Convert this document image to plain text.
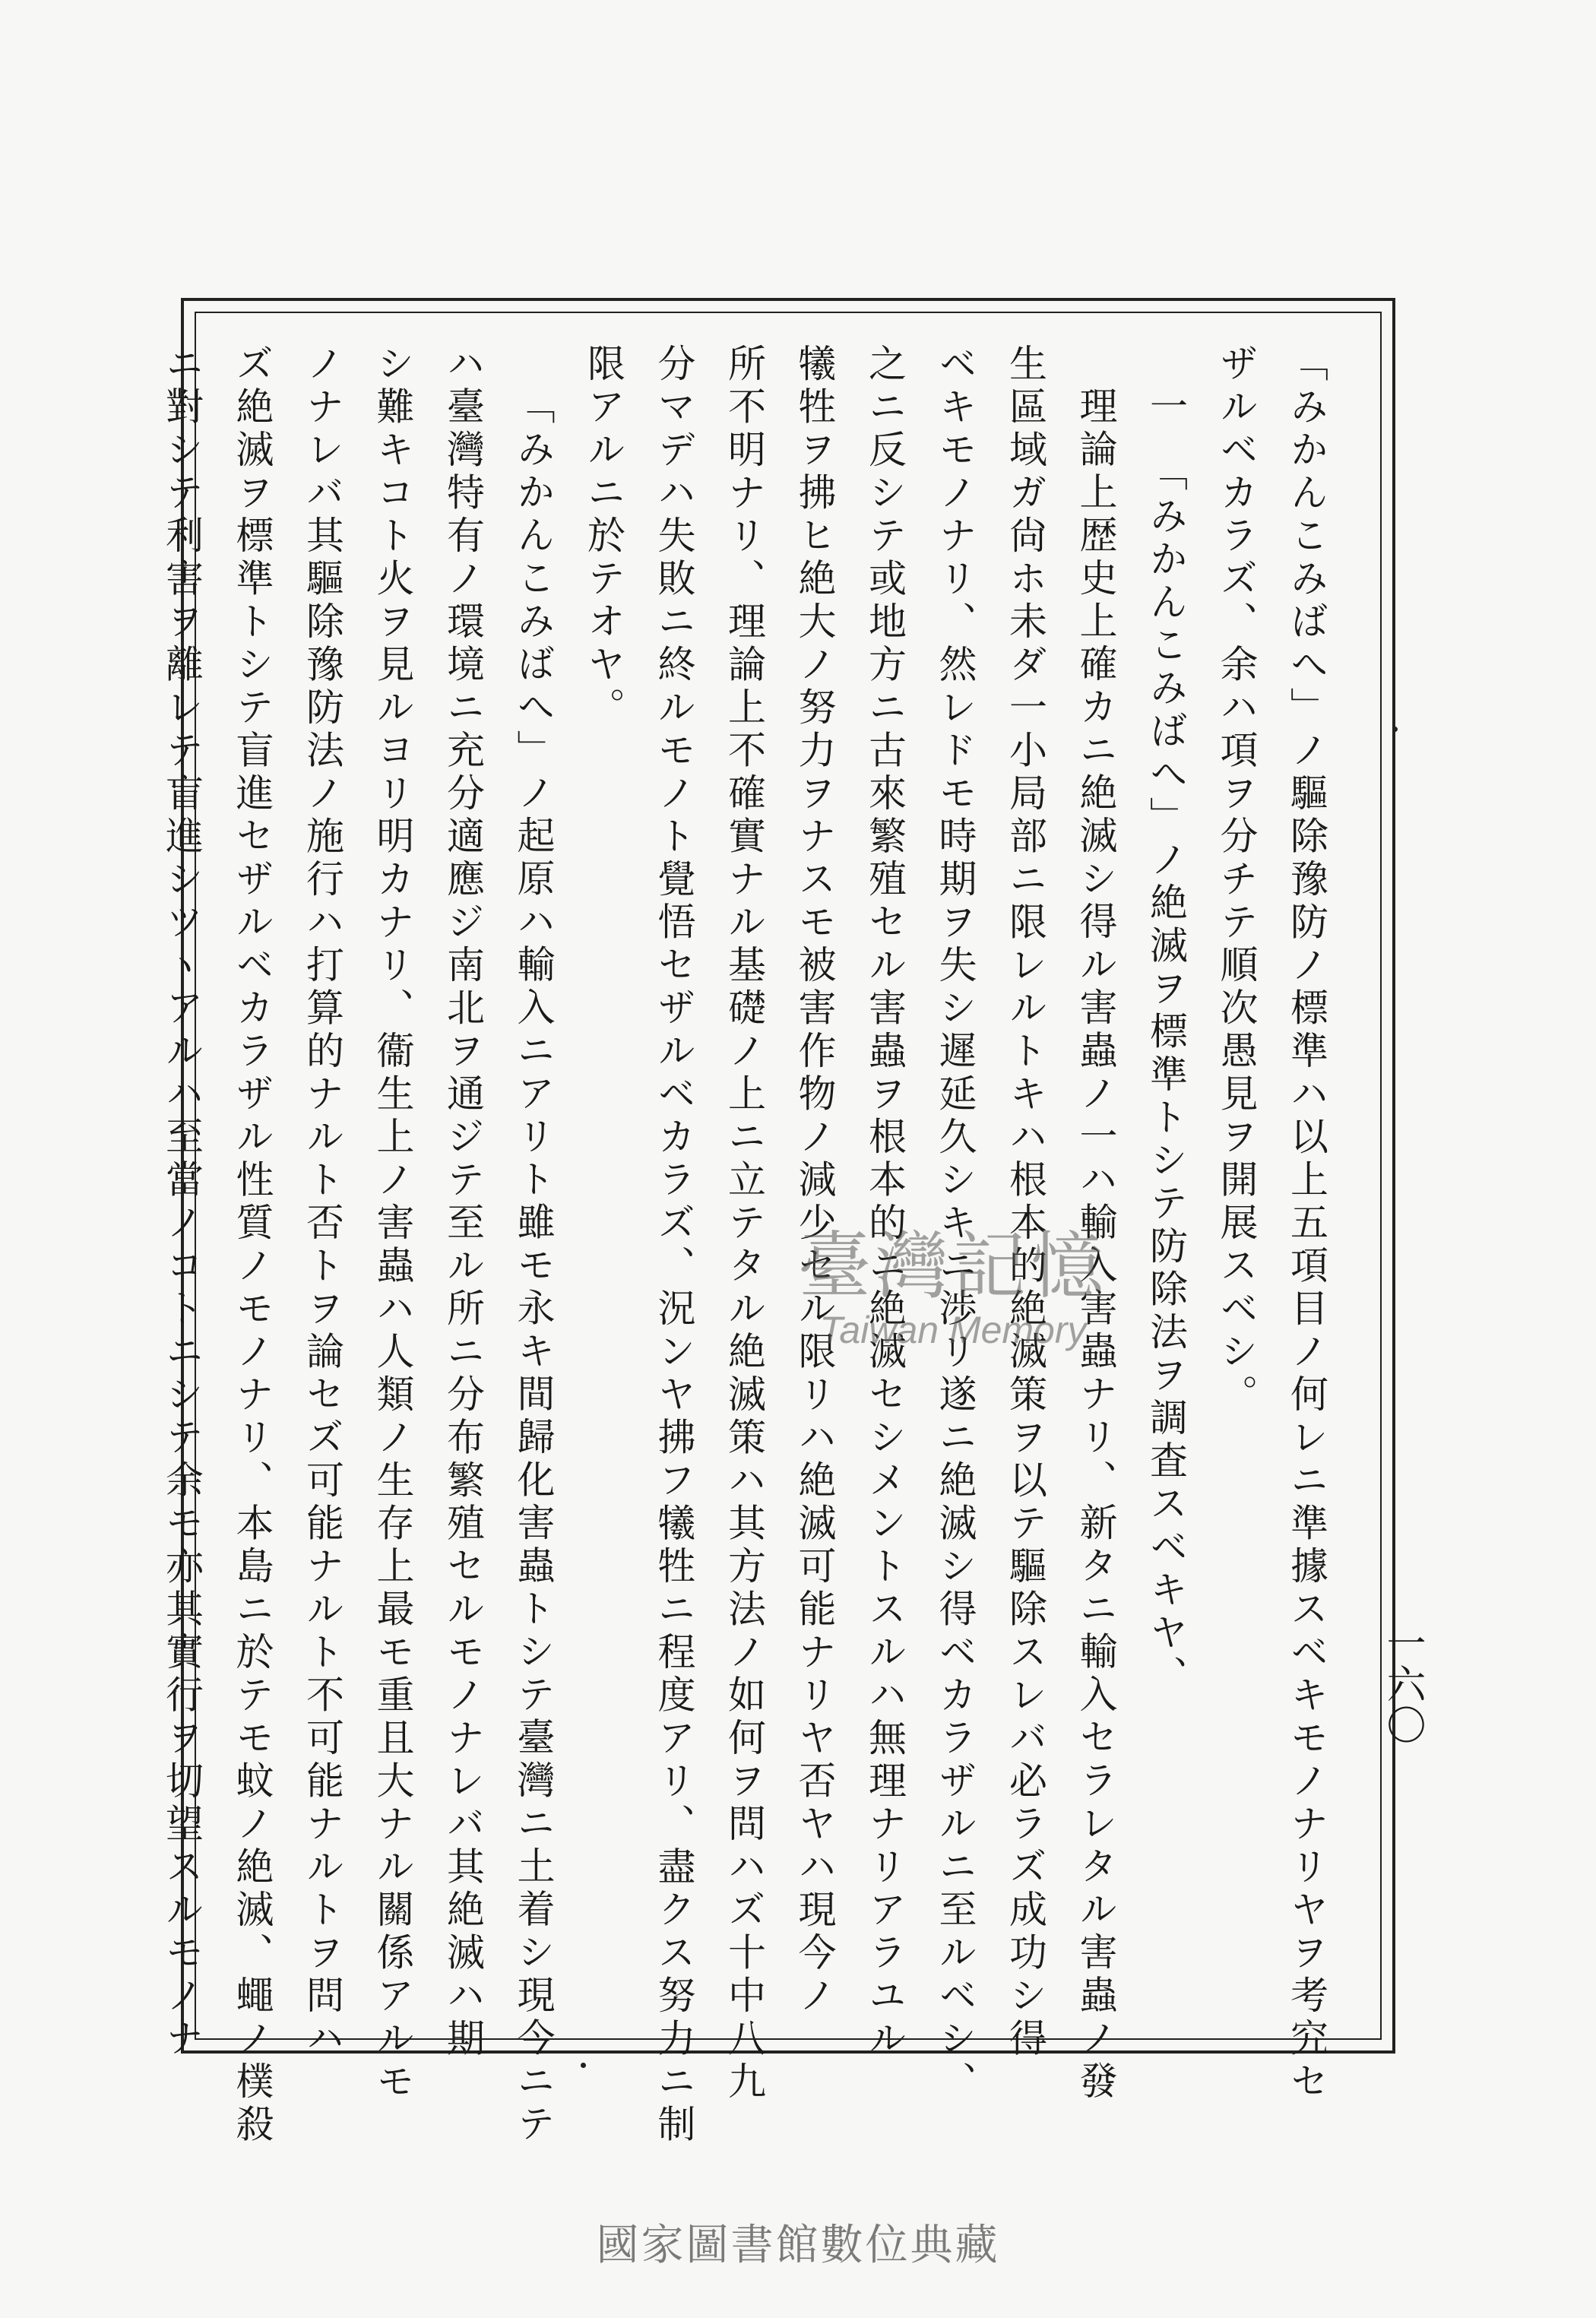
「みかんこみばへ」ノ驅除豫防ノ標準ハ以上五項目ノ何レニ準據スベキモノナリヤヲ考究セ
ザルベカラズ、余ハ項ヲ分チテ順次愚見ヲ開展スベシ。
一　「みかんこみばへ」ノ絶滅ヲ標準トシテ防除法ヲ調査スベキヤ、
理論上歴史上確カニ絶滅シ得ル害蟲ノ一ハ輸入害蟲ナリ、新タニ輸入セラレタル害蟲ノ發
生區域ガ尙ホ未ダ一小局部ニ限レルトキハ根本的絶滅策ヲ以テ驅除スレバ必ラズ成功シ得
ベキモノナリ、然レドモ時期ヲ失シ遲延久シキニ渉リ遂ニ絶滅シ得ベカラザルニ至ルベシ、
之ニ反シテ或地方ニ古來繁殖セル害蟲ヲ根本的ニ絶滅セシメントスルハ無理ナリアラユル
犧牲ヲ拂ヒ絶大ノ努力ヲナスモ被害作物ノ減少セル限リハ絶滅可能ナリヤ否ヤハ現今ノ
所不明ナリ、理論上不確實ナル基礎ノ上ニ立テタル絶滅策ハ其方法ノ如何ヲ問ハズ十中八九
分マデハ失敗ニ終ルモノト覺悟セザルベカラズ、況ンヤ拂フ犧牲ニ程度アリ、盡クス努力ニ制
限アルニ於テオヤ。
「みかんこみばへ」ノ起原ハ輸入ニアリト雖モ永キ間歸化害蟲トシテ臺灣ニ土着シ現今ニテ
ハ臺灣特有ノ環境ニ充分適應ジ南北ヲ通ジテ至ル所ニ分布繁殖セルモノナレバ其絶滅ハ期
シ難キコト火ヲ見ルヨリ明カナリ、衞生上ノ害蟲ハ人類ノ生存上最モ重且大ナル關係アルモ
ノナレバ其驅除豫防法ノ施行ハ打算的ナルト否トヲ論セズ可能ナルト不可能ナルトヲ問ハ
ズ絶滅ヲ標準トシテ盲進セザルベカラザル性質ノモノナリ、本島ニ於テモ蚊ノ絶滅、蠅ノ樸殺
ニ對シテ利害ヲ離レテ盲進シツヽアルハ至當ノコトニシテ余モ亦其實行ヲ切望スルモノナ	一六〇
臺灣記憶
Taiwan Memory
國家圖書館數位典藏
